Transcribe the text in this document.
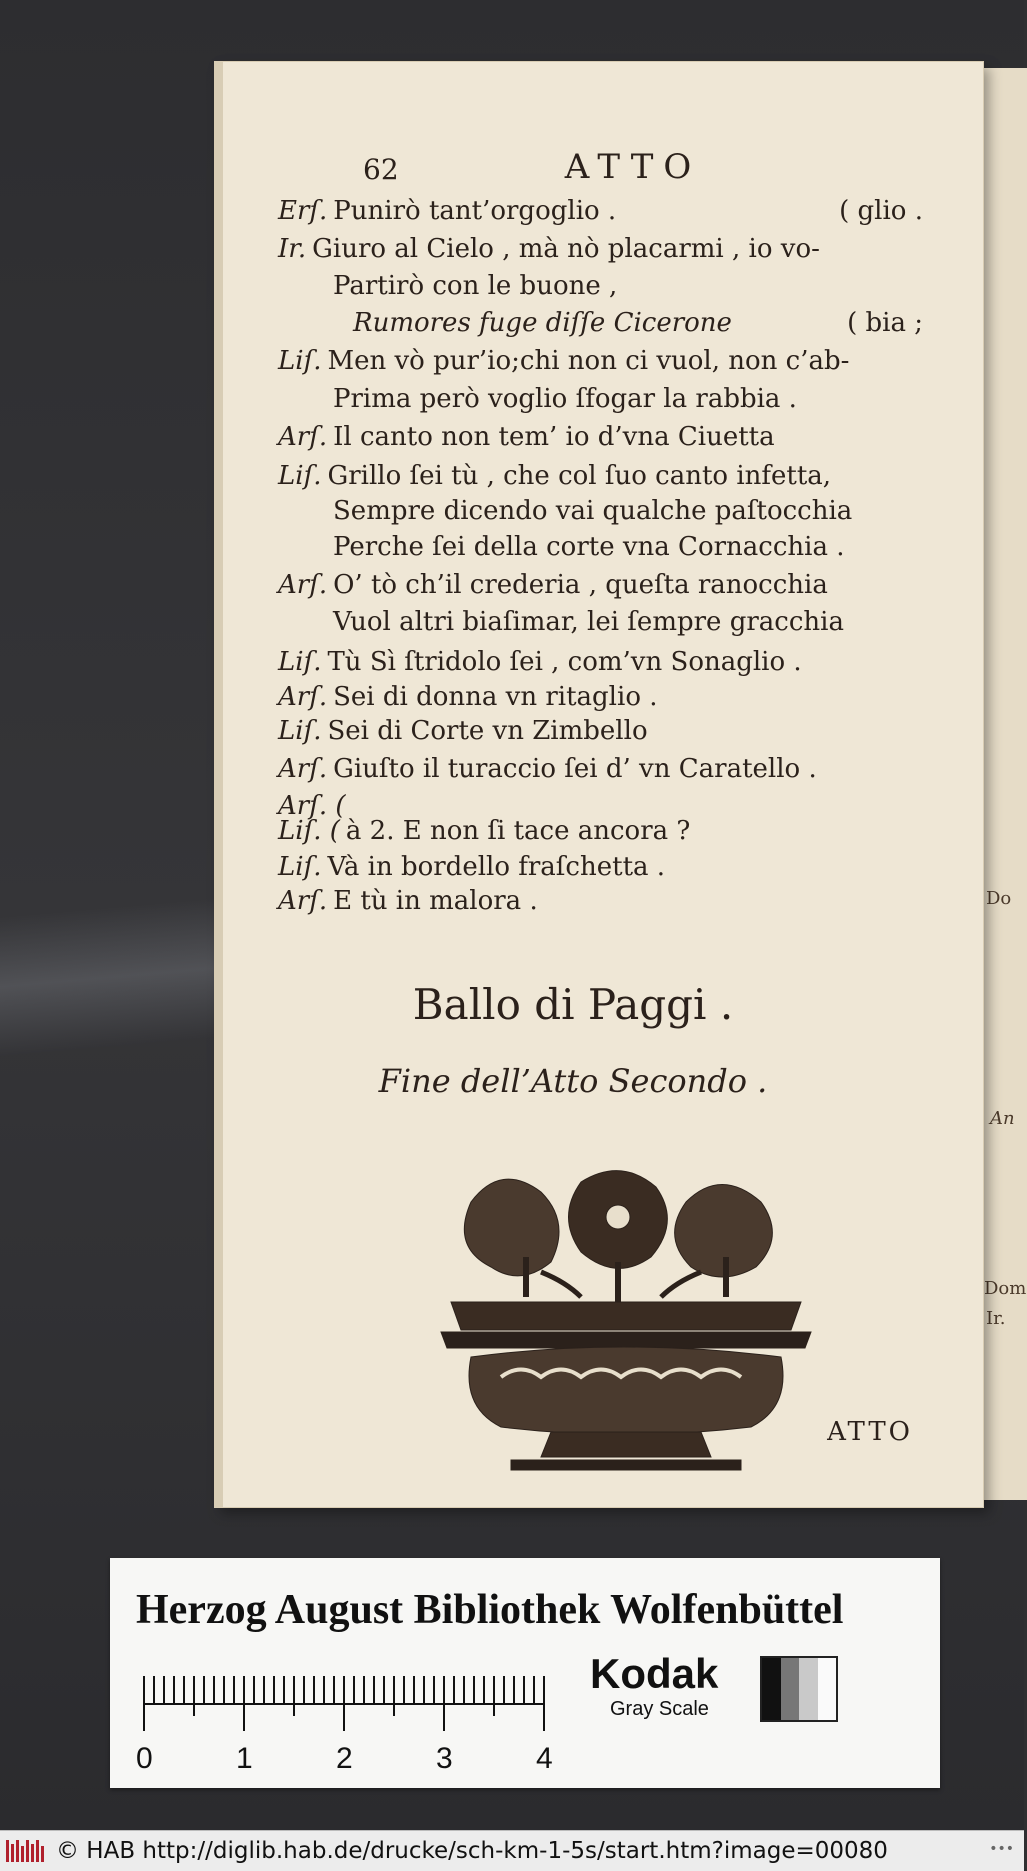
Do
An
Dom
Ir.
62	ATTO
Erſ. Punirò tant’orgoglio .	( glio .
Ir. Giuro al Cielo , mà nò placarmi , io vo-
Partirò con le buone ,
Rumores fuge diſſe Cicerone	( bia ;
Liſ. Men vò pur’io;chi non ci vuol, non c’ab-
Prima però voglio ſfogar la rabbia .
Arſ. Il canto non tem’ io d’vna Ciuetta
Liſ. Grillo ſei tù , che col ſuo canto infetta,
Sempre dicendo vai qualche paſtocchia
Perche ſei della corte vna Cornacchia .
Arſ. O’ tò ch’il crederia , queſta ranocchia
Vuol altri biaſimar, lei ſempre gracchia
Liſ. Tù Sì ſtridolo ſei , com’vn Sonaglio .
Arſ. Sei di donna vn ritaglio .
Liſ. Sei di Corte vn Zimbello
Arſ. Giuſto il turaccio ſei d’ vn Caratello .
Arſ. (
Liſ. ( à 2. E non ſi tace ancora ?
Liſ. Và in bordello fraſchetta .
Arſ. E tù in malora .
Ballo di Paggi .
Fine dell’Atto Secondo .
ATTO
Herzog August Bibliothek Wolfenbüttel
0	1	2	3	4
Kodak
Gray Scale
© HAB http://diglib.hab.de/drucke/sch-km-1-5s/start.htm?image=00080	•••
